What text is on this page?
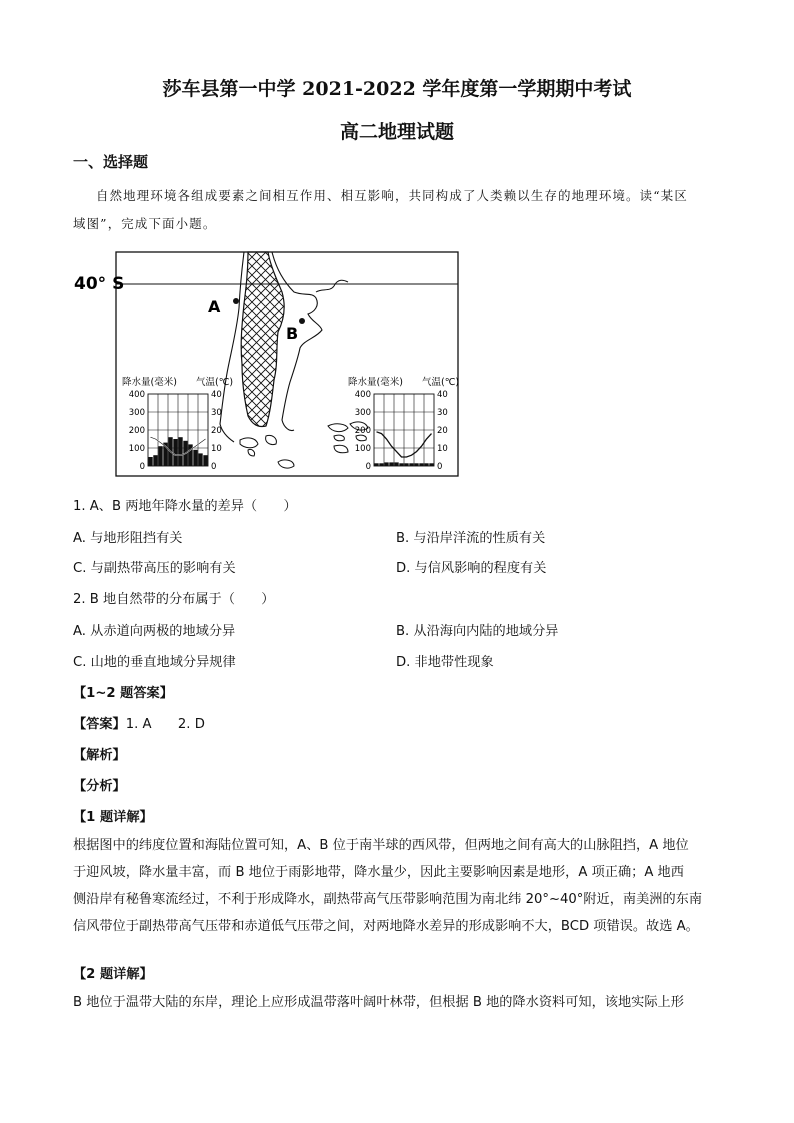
莎车县第一中学 2021-2022 学年度第一学期期中考试
高二地理试题
一、选择题
自然地理环境各组成要素之间相互作用、相互影响，共同构成了人类赖以生存的地理环境。读“某区
域图”，完成下面小题。
40° S
A
B
降水量(毫米) 气温(℃)
400
300
200
100
0
40
30
20
10
0
降水量(毫米) 气温(℃)
400
300
200
100
0
40
30
20
10
0
1. A、B 两地年降水量的差异（　　）
A. 与地形阻挡有关	B. 与沿岸洋流的性质有关
C. 与副热带高压的影响有关	D. 与信风影响的程度有关
2. B 地自然带的分布属于（　　）
A. 从赤道向两极的地域分异	B. 从沿海向内陆的地域分异
C. 山地的垂直地域分异规律	D. 非地带性现象
【1~2 题答案】
【答案】1. A　　2. D
【解析】
【分析】
【1 题详解】
根据图中的纬度位置和海陆位置可知，A、B 位于南半球的西风带，但两地之间有高大的山脉阻挡，A 地位
于迎风坡，降水量丰富，而 B 地位于雨影地带，降水量少，因此主要影响因素是地形，A 项正确；A 地西
侧沿岸有秘鲁寒流经过，不利于形成降水，副热带高气压带影响范围为南北纬 20°~40°附近，南美洲的东南
信风带位于副热带高气压带和赤道低气压带之间，对两地降水差异的形成影响不大，BCD 项错误。故选 A。
【2 题详解】
B 地位于温带大陆的东岸，理论上应形成温带落叶阔叶林带，但根据 B 地的降水资料可知，该地实际上形
